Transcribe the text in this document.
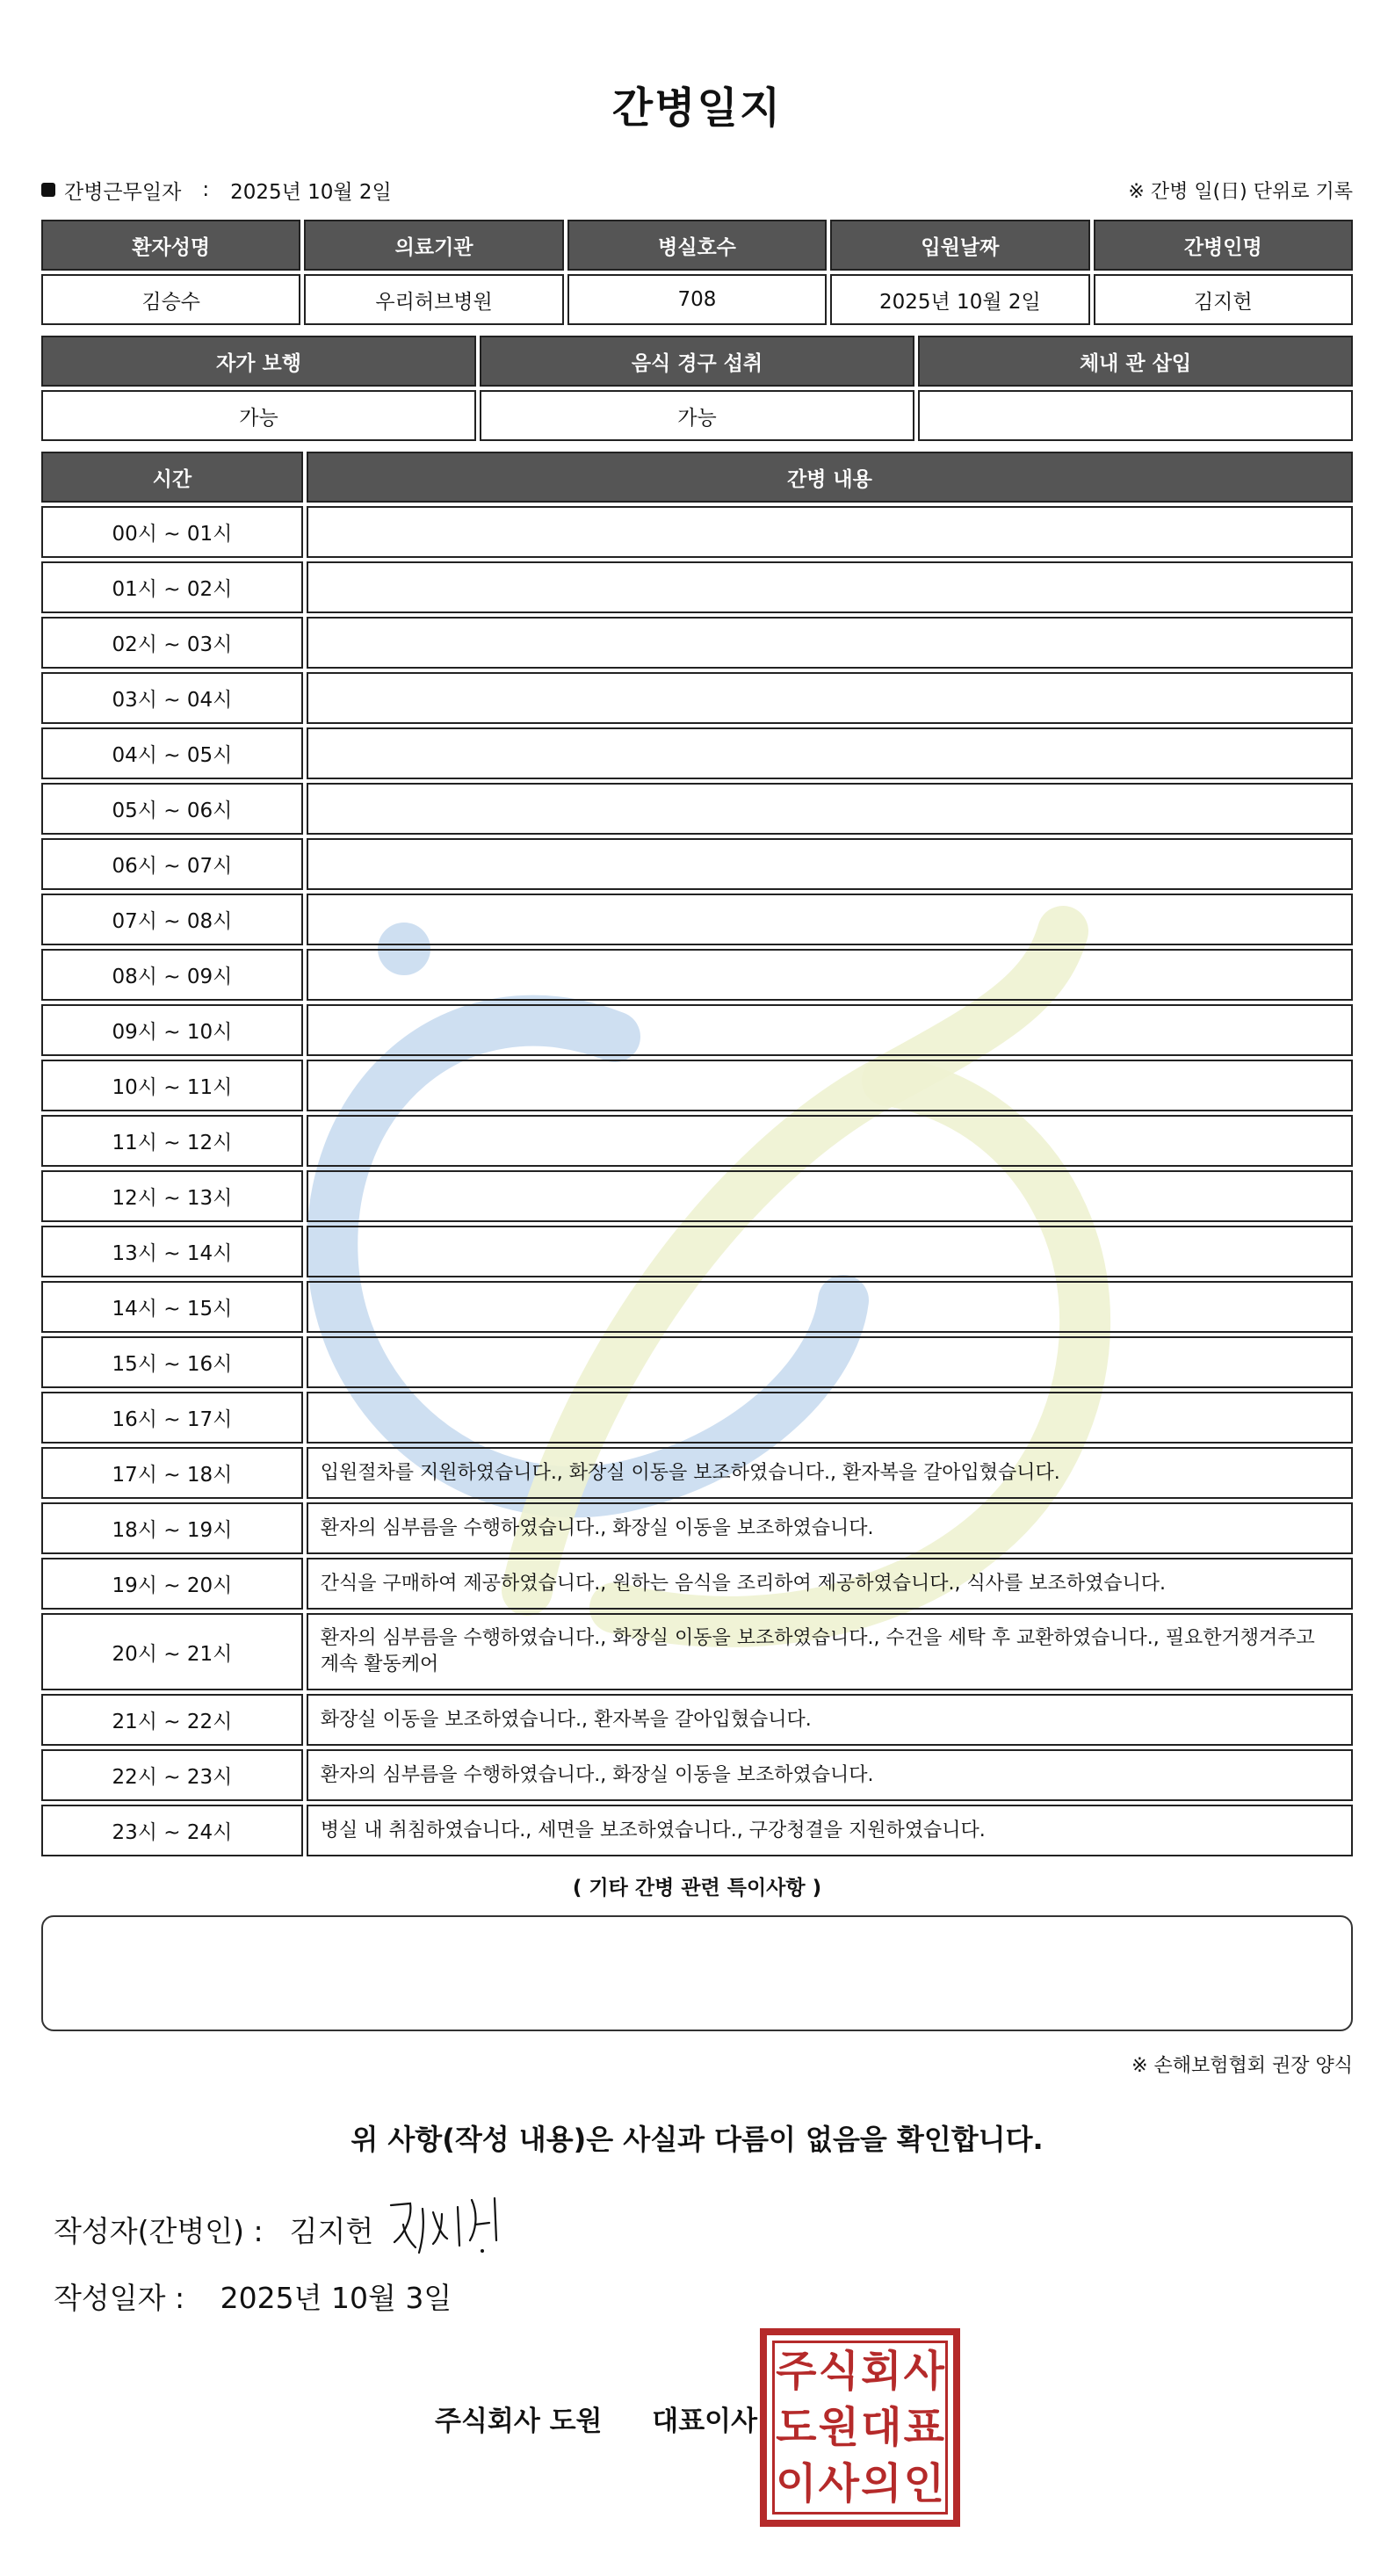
간병일지
간병근무일자 : 2025년 10월 2일	※ 간병 일(日) 단위로 기록
환자성명	의료기관	병실호수	입원날짜	간병인명
김승수	우리허브병원	708	2025년 10월 2일	김지헌
자가 보행	음식 경구 섭취	체내 관 삽입
가능	가능	
시간	간병 내용
00시 ~ 01시	
01시 ~ 02시	
02시 ~ 03시	
03시 ~ 04시	
04시 ~ 05시	
05시 ~ 06시	
06시 ~ 07시	
07시 ~ 08시	
08시 ~ 09시	
09시 ~ 10시	
10시 ~ 11시	
11시 ~ 12시	
12시 ~ 13시	
13시 ~ 14시	
14시 ~ 15시	
15시 ~ 16시	
16시 ~ 17시	
17시 ~ 18시	입원절차를 지원하였습니다., 화장실 이동을 보조하였습니다., 환자복을 갈아입혔습니다.
18시 ~ 19시	환자의 심부름을 수행하였습니다., 화장실 이동을 보조하였습니다.
19시 ~ 20시	간식을 구매하여 제공하였습니다., 원하는 음식을 조리하여 제공하였습니다., 식사를 보조하였습니다.
20시 ~ 21시	환자의 심부름을 수행하였습니다., 화장실 이동을 보조하였습니다., 수건을 세탁 후 교환하였습니다., 필요한거챙겨주고 계속 활동케어
21시 ~ 22시	화장실 이동을 보조하였습니다., 환자복을 갈아입혔습니다.
22시 ~ 23시	환자의 심부름을 수행하였습니다., 화장실 이동을 보조하였습니다.
23시 ~ 24시	병실 내 취침하였습니다., 세면을 보조하였습니다., 구강청결을 지원하였습니다.
( 기타 간병 관련 특이사항 )
※ 손해보험협회 권장 양식
위 사항(작성 내용)은 사실과 다름이 없음을 확인합니다.
작성자(간병인) : 김지헌
작성일자 : 2025년 10월 3일
주식회사 도원 대표이사
주 식 회 사
도 원 대 표
이 사 의 인
